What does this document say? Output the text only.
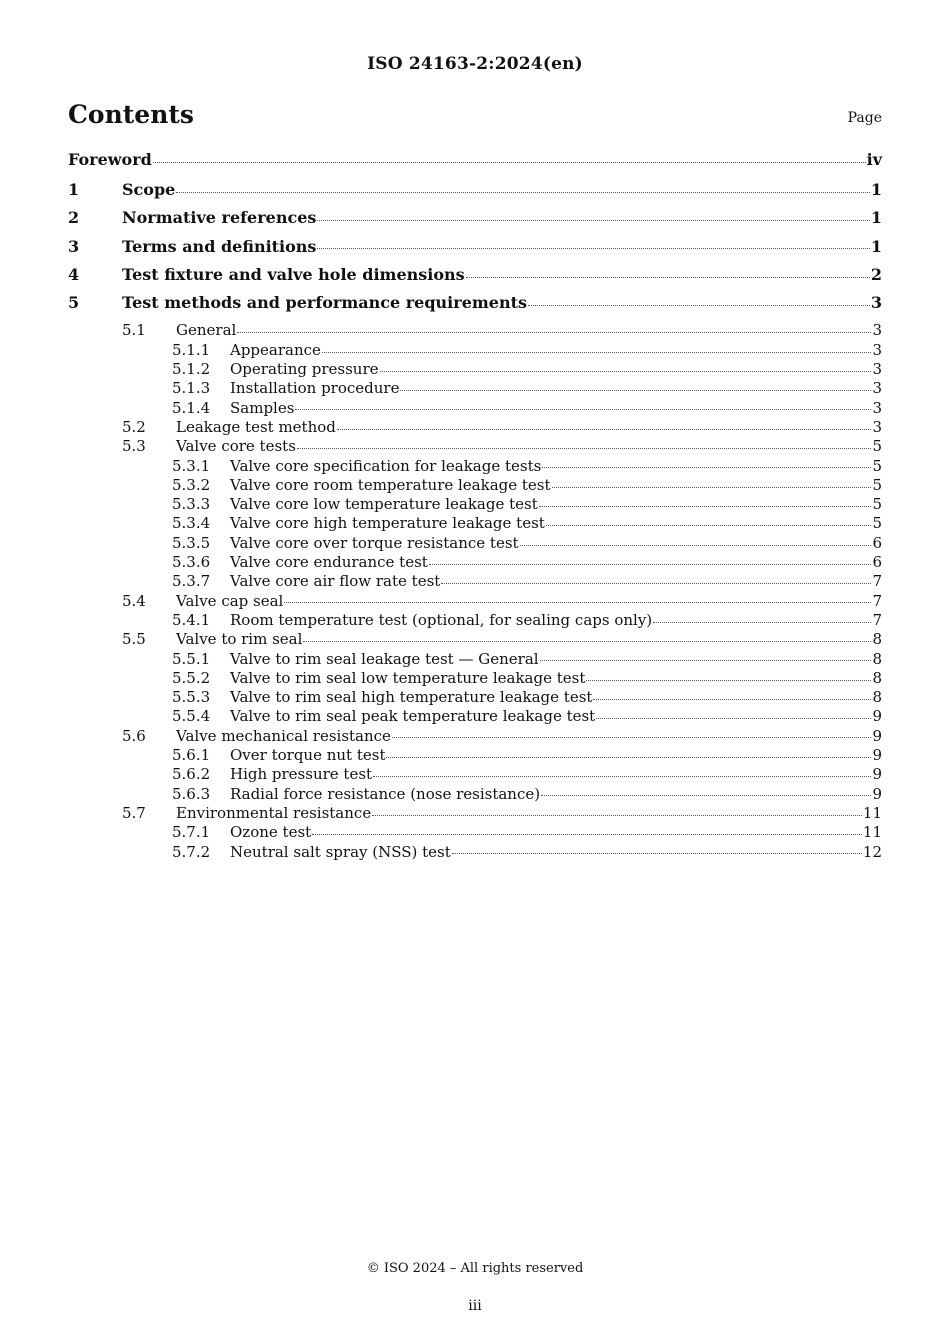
ISO 24163-2:2024(en)
Contents	Page
Foreword	iv
1	Scope	1
2	Normative references	1
3	Terms and definitions	1
4	Test fixture and valve hole dimensions	2
5	Test methods and performance requirements	3
5.1	General	3
5.1.1	Appearance	3
5.1.2	Operating pressure	3
5.1.3	Installation procedure	3
5.1.4	Samples	3
5.2	Leakage test method	3
5.3	Valve core tests	5
5.3.1	Valve core specification for leakage tests	5
5.3.2	Valve core room temperature leakage test	5
5.3.3	Valve core low temperature leakage test	5
5.3.4	Valve core high temperature leakage test	5
5.3.5	Valve core over torque resistance test	6
5.3.6	Valve core endurance test	6
5.3.7	Valve core air flow rate test	7
5.4	Valve cap seal	7
5.4.1	Room temperature test (optional, for sealing caps only)	7
5.5	Valve to rim seal	8
5.5.1	Valve to rim seal leakage test — General	8
5.5.2	Valve to rim seal low temperature leakage test	8
5.5.3	Valve to rim seal high temperature leakage test	8
5.5.4	Valve to rim seal peak temperature leakage test	9
5.6	Valve mechanical resistance	9
5.6.1	Over torque nut test	9
5.6.2	High pressure test	9
5.6.3	Radial force resistance (nose resistance)	9
5.7	Environmental resistance	11
5.7.1	Ozone test	11
5.7.2	Neutral salt spray (NSS) test	12
© ISO 2024 – All rights reserved
iii
